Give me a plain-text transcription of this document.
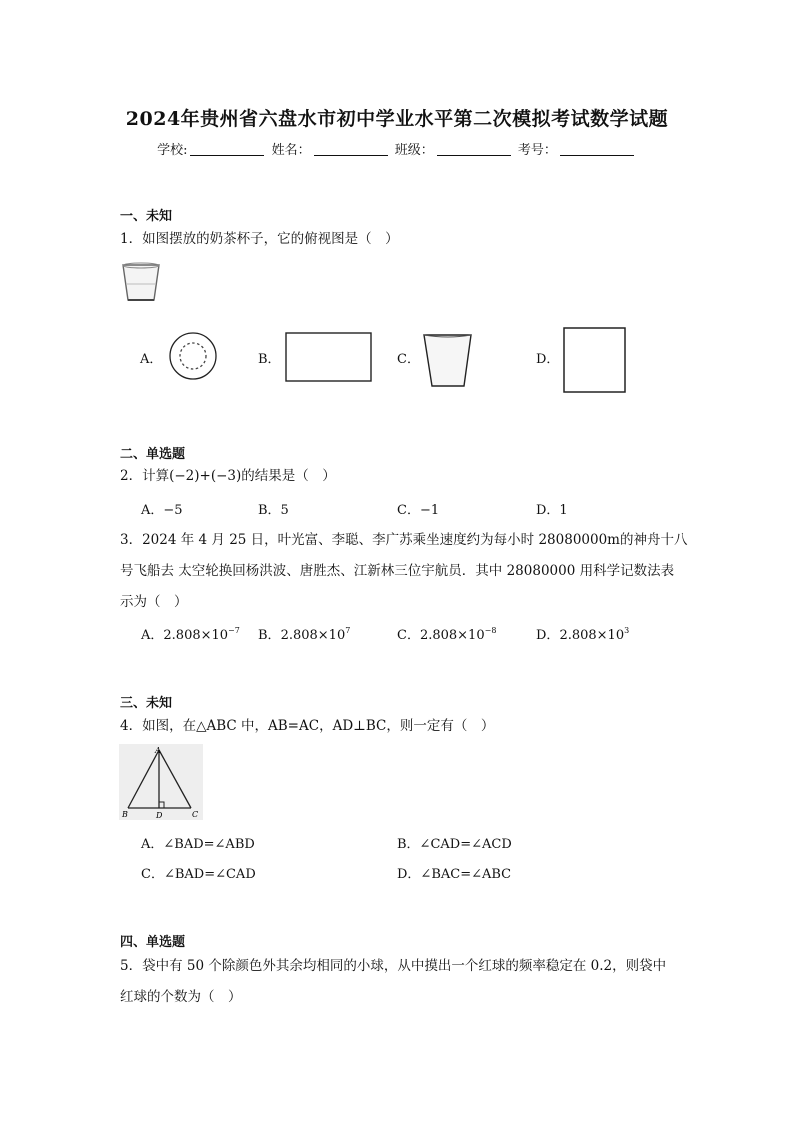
2024年贵州省六盘水市初中学业水平第二次模拟考试数学试题
学校:	姓名：	班级：	考号：
一、未知
1．如图摆放的奶茶杯子，它的俯视图是（　）
A．	B．	C．	D．
二、单选题
2．计算(−2)+(−3)的结果是（　）
A．−5	B．5	C．−1	D．1
3．2024 年 4 月 25 日，叶光富、李聪、李广苏乘坐速度约为每小时 28080000m的神舟十八
号飞船去 太空轮换回杨洪波、唐胜杰、江新林三位宇航员．其中 28080000 用科学记数法表
示为（　）
A．$2.808\times 10^{-7}$ B．$2.808\times 10^7$	C．$2.808\times 10^{-8}$	D．$2.808\times 10^3$
三、未知
4．如图，在△ABC 中，AB=AC，AD⊥BC，则一定有（　）
A
B	D	C
A．∠BAD=∠ABD	B．∠CAD=∠ACD
C．∠BAD=∠CAD	D．∠BAC=∠ABC
四、单选题
5．袋中有 50 个除颜色外其余均相同的小球，从中摸出一个红球的频率稳定在 0.2，则袋中
红球的个数为（　）
